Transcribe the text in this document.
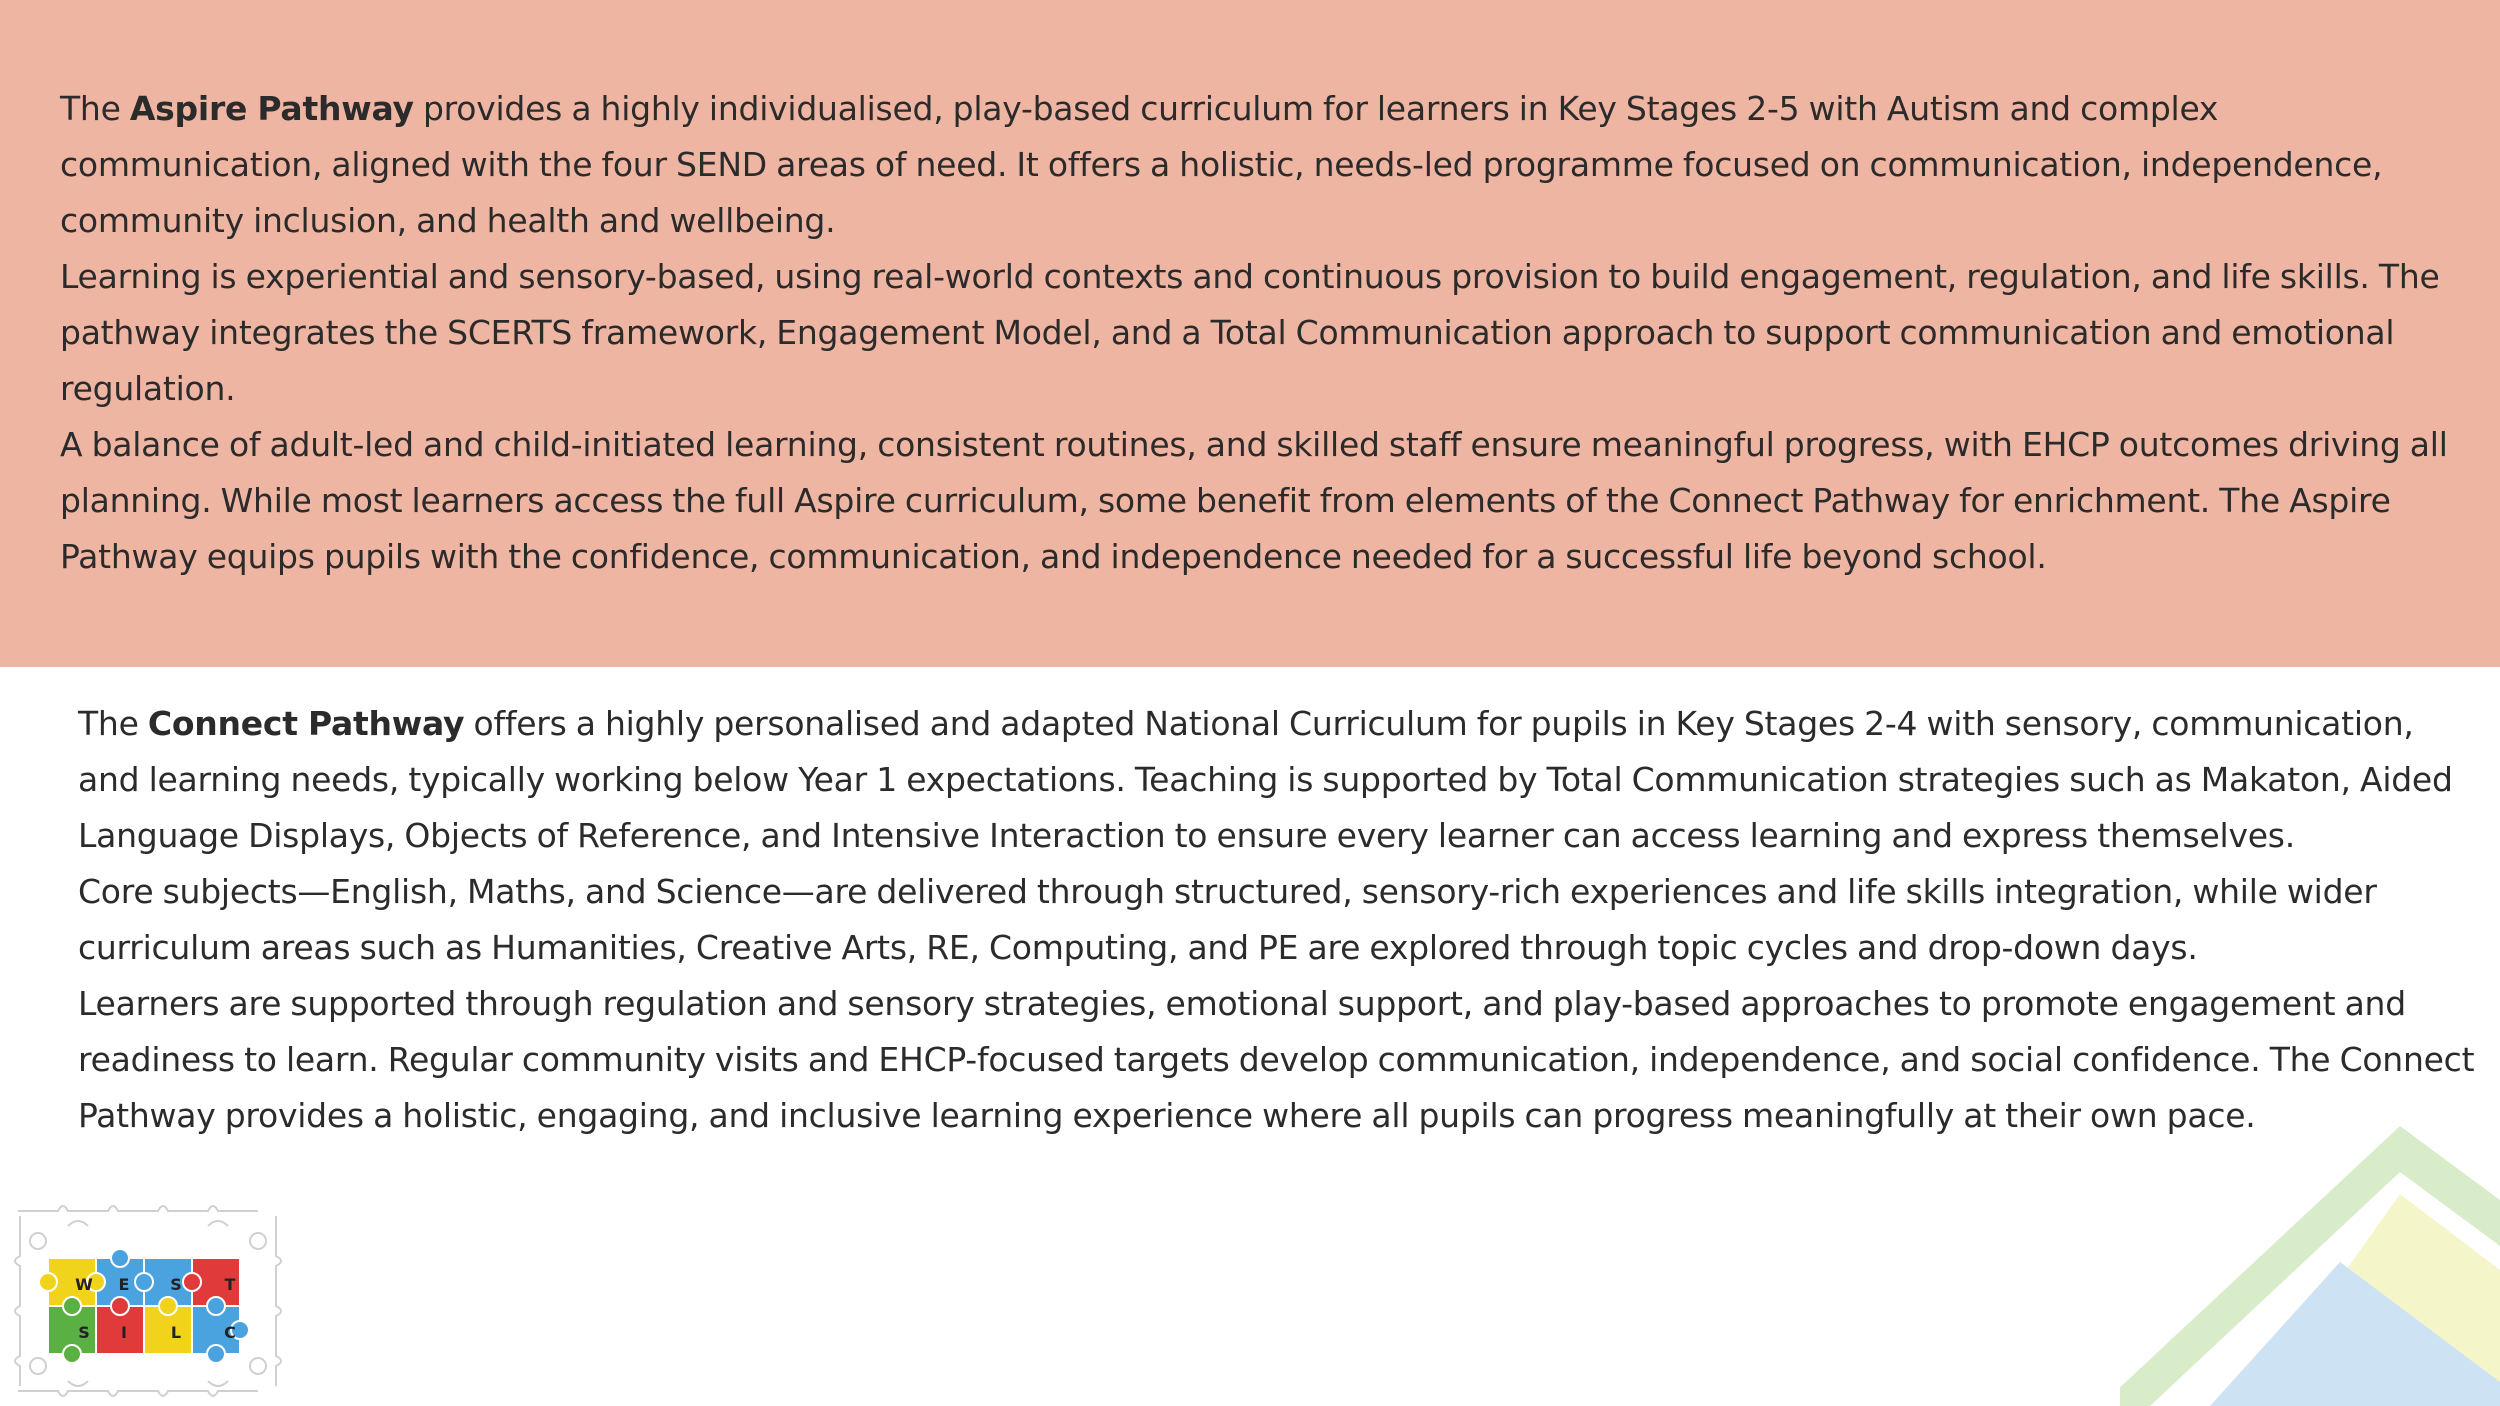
The Aspire Pathway provides a highly individualised, play-based curriculum for learners in Key Stages 2-5 with Autism and complex communication, aligned with the four SEND areas of need. It offers a holistic, needs-led programme focused on communication, independence, community inclusion, and health and wellbeing.

Learning is experiential and sensory-based, using real-world contexts and continuous provision to build engagement, regulation, and life skills. The pathway integrates the SCERTS framework, Engagement Model, and a Total Communication approach to support communication and emotional regulation.

A balance of adult-led and child-initiated learning, consistent routines, and skilled staff ensure meaningful progress, with EHCP outcomes driving all planning. While most learners access the full Aspire curriculum, some benefit from elements of the Connect Pathway for enrichment. The Aspire Pathway equips pupils with the confidence, communication, and independence needed for a successful life beyond school.

The Connect Pathway offers a highly personalised and adapted National Curriculum for pupils in Key Stages 2-4 with sensory, communication, and learning needs, typically working below Year 1 expectations. Teaching is supported by Total Communication strategies such as Makaton, Aided Language Displays, Objects of Reference, and Intensive Interaction to ensure every learner can access learning and express themselves.

Core subjects—English, Maths, and Science—are delivered through structured, sensory-rich experiences and life skills integration, while wider curriculum areas such as Humanities, Creative Arts, RE, Computing, and PE are explored through topic cycles and drop-down days.

Learners are supported through regulation and sensory strategies, emotional support, and play-based approaches to promote engagement and readiness to learn. Regular community visits and EHCP-focused targets develop communication, independence, and social confidence. The Connect Pathway provides a holistic, engaging, and inclusive learning experience where all pupils can progress meaningfully at their own pace.

W E	S	T
S I	L	C
